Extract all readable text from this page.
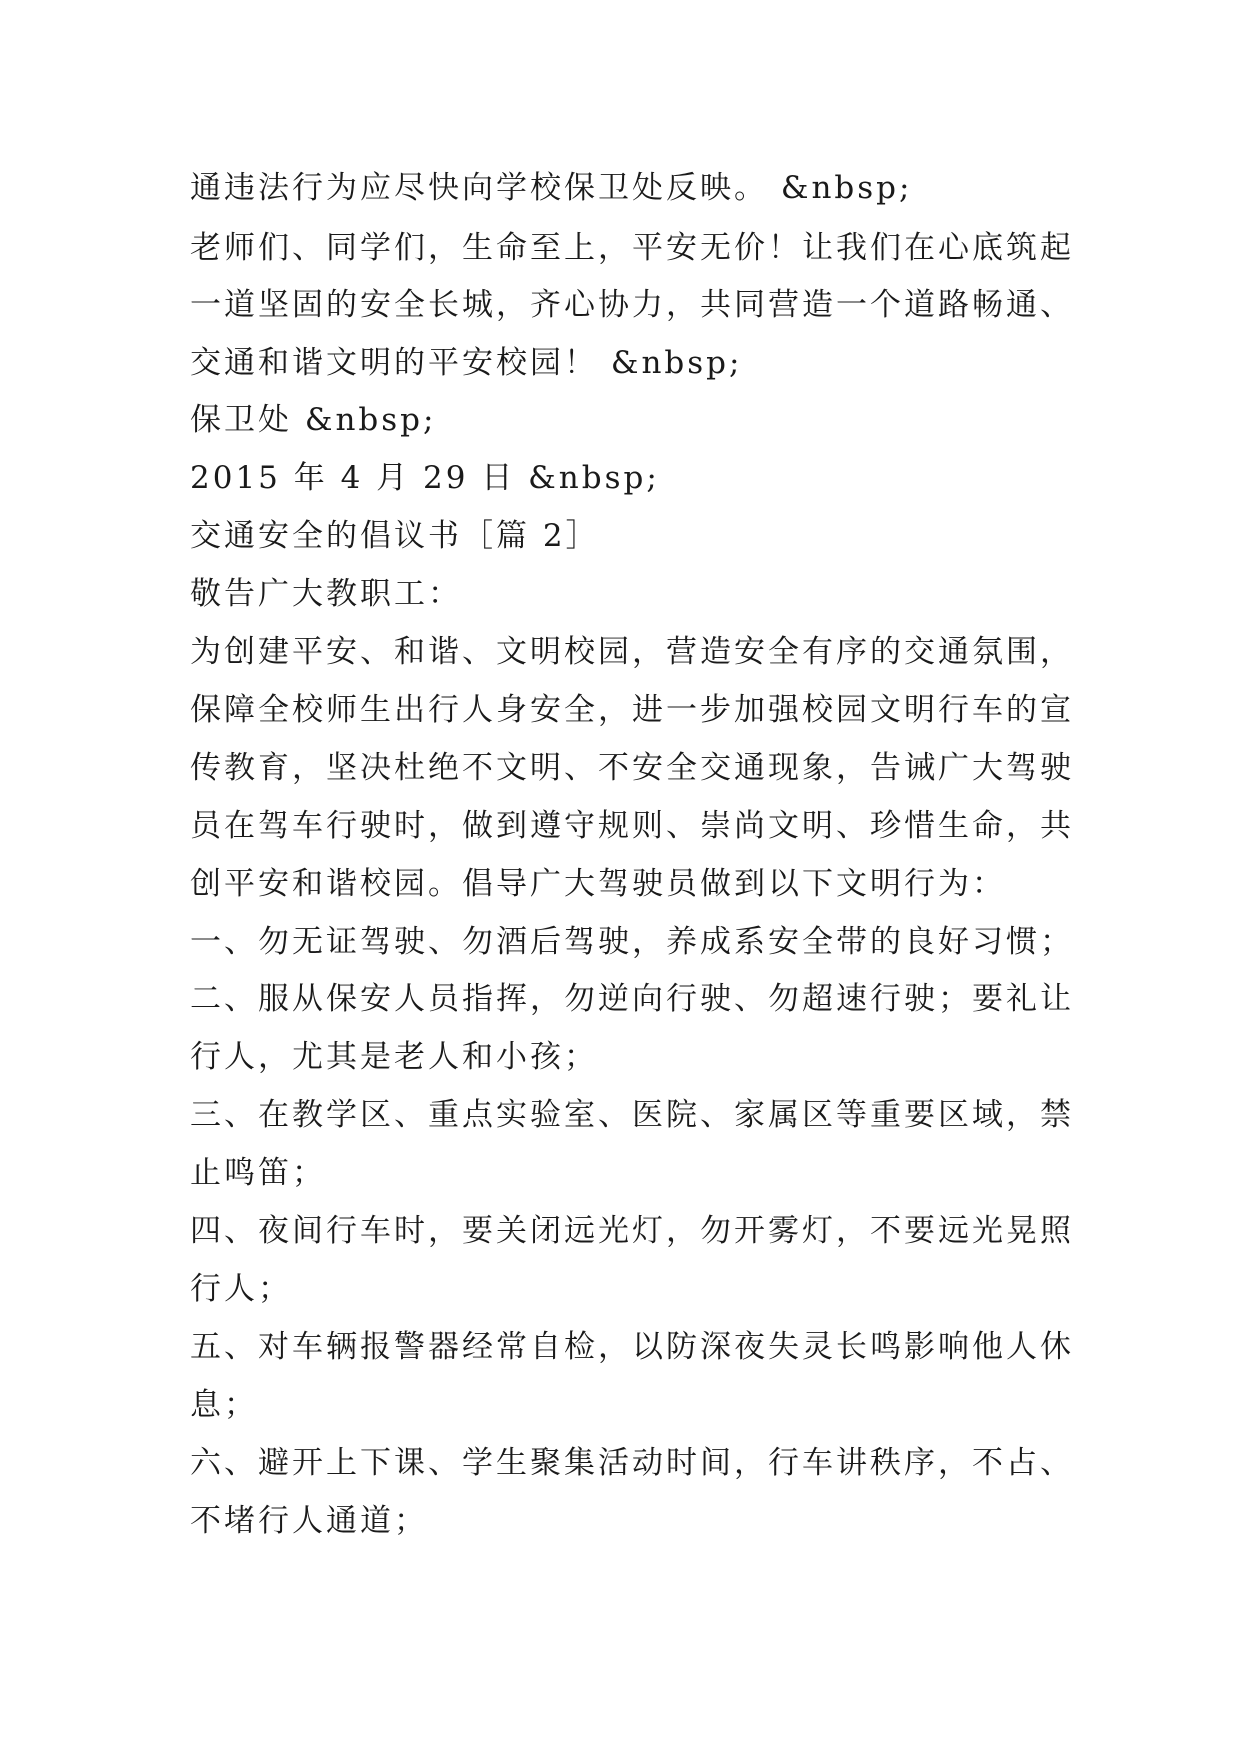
通违法行为应尽快向学校保卫处反映。 &nbsp;
老师们、同学们，生命至上，平安无价！让我们在心底筑起
一道坚固的安全长城，齐心协力，共同营造一个道路畅通、
交通和谐文明的平安校园！ &nbsp;
保卫处 &nbsp;
2015 年 4 月 29 日 &nbsp;
交通安全的倡议书［篇 2］
敬告广大教职工：
为创建平安、和谐、文明校园，营造安全有序的交通氛围，
保障全校师生出行人身安全，进一步加强校园文明行车的宣
传教育，坚决杜绝不文明、不安全交通现象，告诫广大驾驶
员在驾车行驶时，做到遵守规则、崇尚文明、珍惜生命，共
创平安和谐校园。倡导广大驾驶员做到以下文明行为：
一、勿无证驾驶、勿酒后驾驶，养成系安全带的良好习惯；
二、服从保安人员指挥，勿逆向行驶、勿超速行驶；要礼让
行人，尤其是老人和小孩；
三、在教学区、重点实验室、医院、家属区等重要区域，禁
止鸣笛；
四、夜间行车时，要关闭远光灯，勿开雾灯，不要远光晃照
行人；
五、对车辆报警器经常自检，以防深夜失灵长鸣影响他人休
息；
六、避开上下课、学生聚集活动时间，行车讲秩序，不占、
不堵行人通道；
